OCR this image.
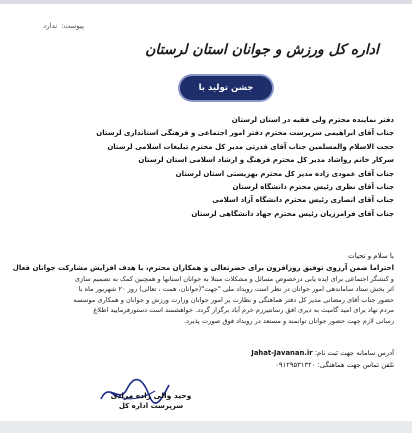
پیوست:
ندارد
اداره کل ورزش و جوانان استان لرستان
جشن تولید با مشارکت
دفتر نماینده محترم ولی فقیه در استان لرستان
جناب آقای ابراهیمی سرپرست محترم دفتر امور اجتماعی و فرهنگی استانداری لرستان
حجت الاسلام والمسلمین جناب آقای قدرتی مدیر کل محترم تبلیغات اسلامی لرستان
سرکار خانم رواشاد مدیر کل محترم فرهنگ و ارشاد اسلامی استان لرستان
جناب آقای عمودی زاده مدیر کل محترم بهزیستی استان لرستان
جناب آقای نظری رئیس محترم دانشگاه لرستان
جناب آقای انصاری رئیس محترم دانشگاه آزاد اسلامی
جناب آقای فرامرزیان رئیس محترم جهاد دانشگاهی لرستان
با سلام و تحیات
احتراما ضمن آرزوی توفیق روزافزون برای حضرتعالی و همکاران محترم، با هدف افزایش مشارکت جوانان فعال
و کنشگر اجتماعی برای ایده یابی درخصوص مسائل و مشکلات مبتلا به جوانان استانها و همچنین کمک به تصمیم سازی
اثر بخش ستاد ساماندهی امور جوانان در نظر است رویداد ملی "جهت"(جوانان، همت ، تعالی) روز ۲۰ شهریور ماه با
حضور جناب آقای رمضانی مدیر کل دفتر هماهنگی و نظارت بر امور جوانان وزارت ورزش و جوانان و همکاری موسسه
مردم نهاد برای امید گامیت به دیری افق رسانتیرزم خرم آباد برگزار گردد. خواهشمند است دستورفرمایید اطلاع
رسانی لازم جهت حضور جوانان توانمند و مستعد در رویداد فوق صورت پذیرد.
آدرس سامانه جهت ثبت نام: Jahat-Javanan.ir
تلفن تماس جهت هماهنگی: ۰۹۱۲۹۵۳۱۳۲۰
وحید والی زاده مرادی
سرپرست اداره کل
